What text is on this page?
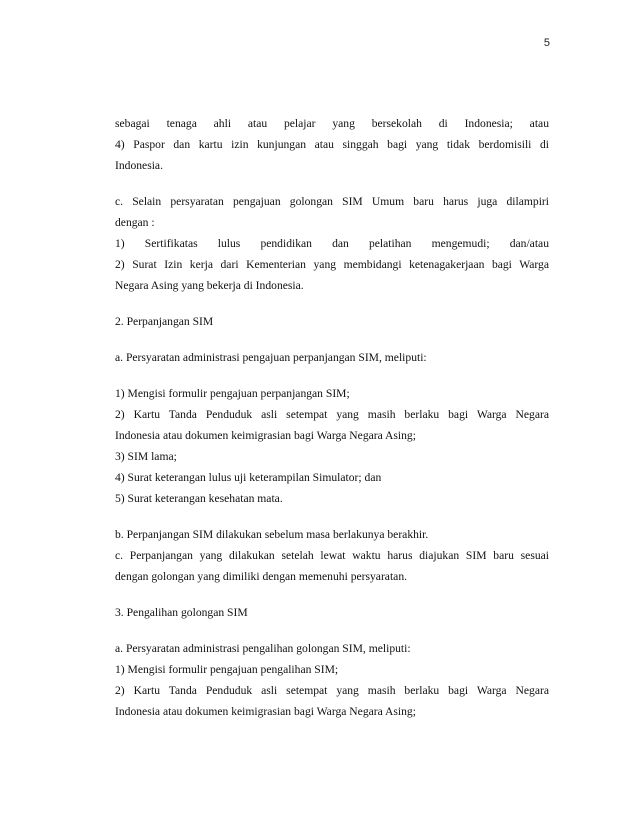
5
sebagai tenaga ahli atau pelajar yang bersekolah di Indonesia; atau
4) Paspor dan kartu izin kunjungan atau singgah bagi yang tidak berdomisili di
Indonesia.
c. Selain persyaratan pengajuan golongan SIM Umum baru harus juga dilampiri
dengan :
1) Sertifikatas lulus pendidikan dan pelatihan mengemudi; dan/atau
2) Surat Izin kerja dari Kementerian yang membidangi ketenagakerjaan bagi Warga
Negara Asing yang bekerja di Indonesia.
2. Perpanjangan SIM
a. Persyaratan administrasi pengajuan perpanjangan SIM, meliputi:
1) Mengisi formulir pengajuan perpanjangan SIM;
2) Kartu Tanda Penduduk asli setempat yang masih berlaku bagi Warga Negara
Indonesia atau dokumen keimigrasian bagi Warga Negara Asing;
3) SIM lama;
4) Surat keterangan lulus uji keterampilan Simulator; dan
5) Surat keterangan kesehatan mata.
b. Perpanjangan SIM dilakukan sebelum masa berlakunya berakhir.
c. Perpanjangan yang dilakukan setelah lewat waktu harus diajukan SIM baru sesuai
dengan golongan yang dimiliki dengan memenuhi persyaratan.
3. Pengalihan golongan SIM
a. Persyaratan administrasi pengalihan golongan SIM, meliputi:
1) Mengisi formulir pengajuan pengalihan SIM;
2) Kartu Tanda Penduduk asli setempat yang masih berlaku bagi Warga Negara
Indonesia atau dokumen keimigrasian bagi Warga Negara Asing;
